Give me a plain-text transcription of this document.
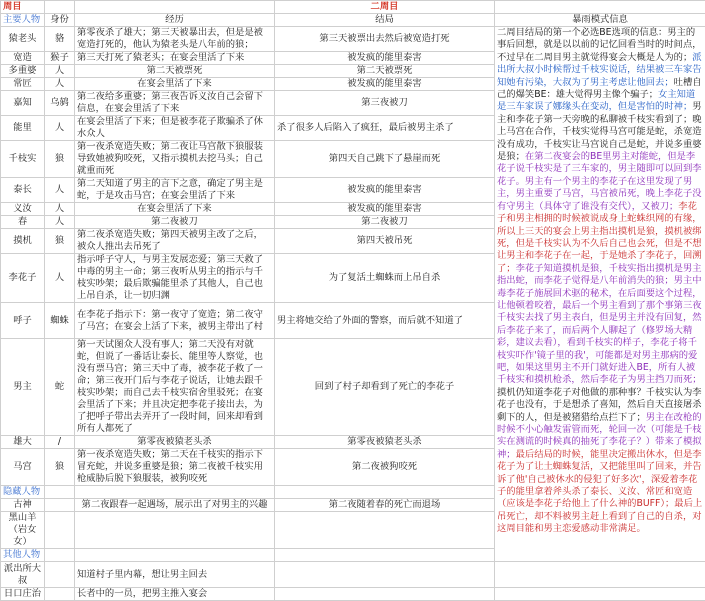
周目			二周目	
主要人物	身份	经历	结局	暴雨模式信息
猿老头	貉	第零夜杀了雄大；第三天被暴出去，但是是被宽造打死的，他认为猿老头是八年前的狼；	第三天被票出去然后被宽造打死	二周目结局的第一个必选BE选项的信息：男主的事后回想，就是以以前的记忆回看当时的时间点，不过早在二周目男主就觉得宴会大概是人为的；派出所大叔小时候帮过千枝实说话，结果被三车家告知她有污染，大叔为了男主考虑让他回去；吐槽自己的爆笑BE：雄大觉得男主像个骗子；女主知道是三车家误了娜缘头在变动，但是害怕的时神；男主和李花子第一天旁晚的私聊被千枝实看到了；晚上马宫在合作，千枝实觉得马宫可能是蛇，杀宽造没有成功，千枝实让马宫说自己是蛇，并说多重婆是狼；在第二夜宴会的BE里男主对能蛇，但是李花子说千枝实是了三车家的，男主随即可以回到李花子。男主有一个男主的李花子在这里发现了男主，男主重要了马宫，马宫被吊死，晚上李花子没有守男主（具体守了谁没有交代），又被刀；李花子和男主相拥的时候被说成身上蛇蛛织网的有缘，所以上三天的宴会上男主指出摸机是狼，摸机被绑死，但是千枝实认为不久后自己也会死，但是不想让男主和李花子在一起，于是她杀了李花子，回溯了；李花子知道摸机是狼，千枝实指出摸机是男主指出蛇，而李花子觉得是八年前消失的狼；男主中毒李花子施展回术驱的秘术，在后面要这个过程，让他顿着咬着，最后一个男主看到了那个事第三夜千枝实去找了男主表白，但是男主并没有回复，然后李花子来了，而后两个人聊起了（修罗场大精彩，建议去看），看到千枝实的样子，李花子将千枝实吓作'镜子里的我'，可能都是对男主那病的爱吧，如果这里男主不开门就好进入BE，所有人被千枝实和摸机枪杀，然后李花子为男主挡刀而死；摸机仍知道李花子对他做的那种事？千枝实认为李花子也没有，于是想杀了喜知，然后自天直接屠杀剩下的人，但是被猪猎给点拦下了；男主在改枪的时候不小心触发雷管而死，轮回一次（可能是千枝实在测谎的时候真的抽死了李花子？）带来了模拟神；最后结局的时候，能里决定搬出休水，但是李花子为了让土蜘蛛复活，又把能里叫了回来，并告诉了他'自己被休水的侵犯了好多次'，深爱着李花子的能里拿着斧头杀了泰长、义汝、常匠和宽造（应该是李花子给他上了什么神的BUFF）；最后上吊死亡，却不料被男主赶上看到了自己的自杀，对这周目能和男主恋爱感动非常满足。

宽造	猴子	第三天打死了猿老头；在宴会里活了下来	被发疯的能里泰害	
多重婆	人	第二天被票死	第二天被票死	
常匠	人	在宴会里活了下来	被发疯的能里泰害	
嘉知	乌鸫	第二夜给多重婆；第三夜告诉义汝自己会留下信息，在宴会里活了下来	第三夜被刀	
能里	人	在宴会里活了下来；但是被李花子欺骗杀了休水众人	杀了很多人后陷入了疯狂，最后被男主杀了	
千枝实	狼	第一夜杀宽造失败；第二夜让马宫散下狼服装导致她被狗咬死，又指示摸机去挖马头；自己就重而死	第四天自己跳下了悬崖而死	
泰长	人	第二天知道了男主的言下之意，确定了男主是蛇，于是攻击马宫；在宴会里活了下来	被发疯的能里泰害	
义汝	人	在宴会里活了下来	被发疯的能里泰害	
春	人	第二夜被刀	第二夜被刀	
摸机	狼	第二夜杀宽造失败；第四天被男主改了之后，被众人推出去吊死了	第四天被吊死	
李花子	人	指示呼子守人，与男主发展恋爱；第三天救了中毒的男主一命；第三夜听从男主的指示与千枝实吵架；最后欺骗能里杀了其他人，自己也上吊自杀，让一切归渊	为了复活土蜘蛛而上吊自杀	
呼子	蜘蛛	在李花子指示下：第一夜守了宽造；第二夜守了马宫；在宴会上活了下来，被男主带出了村	男主将她交给了外面的警察，而后就不知道了	
男主	蛇	第一天试图众人没有事人；第二天没有对就蛇，但说了一番话让泰长、能里等人察觉，也没有票马宫；第三天中了毒，被李花子救了一命；第三夜开门后与李花子说话，让她去跟千枝实吵架；而自己去千枝实宿舍里驳死；在宴会里活了下来；并且决定把李花子接出去，为了把呼子带出去弄开了一段时间，回来却看到所有人都死了	回到了村子却看到了死亡的李花子	
雄大	/	第零夜被猿老头杀	第零夜被猿老头杀	
马宫	狼	第一夜杀宽造失败；第二天在千枝实的指示下冒充蛇，并说多重婆是狼；第二夜被千枝实用枪威胁后脱下狼服装，被狗咬死	第二夜被狗咬死	
隐藏人物				
古神		第二夜跟春一起遇场，展示出了对男主的兴趣	第二夜随着春的死亡而退场	
黑山羊（岩女女）				
其他人物				
派出所大叔		知道村子里内幕，想让男主回去		
日口庄治		长者中的一员，把男主推入宴会		
